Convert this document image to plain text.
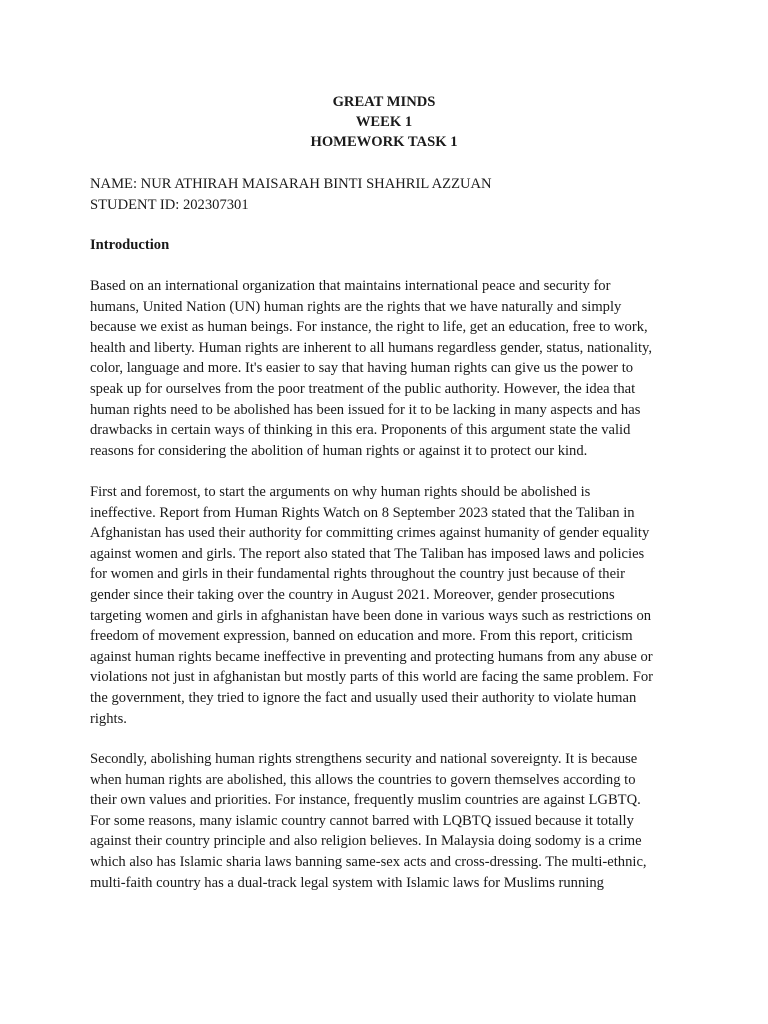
GREAT MINDS
WEEK 1
HOMEWORK TASK 1
NAME: NUR ATHIRAH MAISARAH BINTI SHAHRIL AZZUAN
STUDENT ID: 202307301
Introduction
Based on an international organization that maintains international peace and security for
humans, United Nation (UN) human rights are the rights that we have naturally and simply
because we exist as human beings. For instance, the right to life, get an education, free to work,
health and liberty. Human rights are inherent to all humans regardless gender, status, nationality,
color, language and more. It's easier to say that having human rights can give us the power to
speak up for ourselves from the poor treatment of the public authority. However, the idea that
human rights need to be abolished has been issued for it to be lacking in many aspects and has
drawbacks in certain ways of thinking in this era. Proponents of this argument state the valid
reasons for considering the abolition of human rights or against it to protect our kind.
First and foremost, to start the arguments on why human rights should be abolished is
ineffective. Report from Human Rights Watch on 8 September 2023 stated that the Taliban in
Afghanistan has used their authority for committing crimes against humanity of gender equality
against women and girls. The report also stated that The Taliban has imposed laws and policies
for women and girls in their fundamental rights throughout the country just because of their
gender since their taking over the country in August 2021. Moreover, gender prosecutions
targeting women and girls in afghanistan have been done in various ways such as restrictions on
freedom of movement expression, banned on education and more. From this report, criticism
against human rights became ineffective in preventing and protecting humans from any abuse or
violations not just in afghanistan but mostly parts of this world are facing the same problem. For
the government, they tried to ignore the fact and usually used their authority to violate human
rights.
Secondly, abolishing human rights strengthens security and national sovereignty. It is because
when human rights are abolished, this allows the countries to govern themselves according to
their own values and priorities. For instance, frequently muslim countries are against LGBTQ.
For some reasons, many islamic country cannot barred with LQBTQ issued because it totally
against their country principle and also religion believes. In Malaysia doing sodomy is a crime
which also has Islamic sharia laws banning same-sex acts and cross-dressing. The multi-ethnic,
multi-faith country has a dual-track legal system with Islamic laws for Muslims running
